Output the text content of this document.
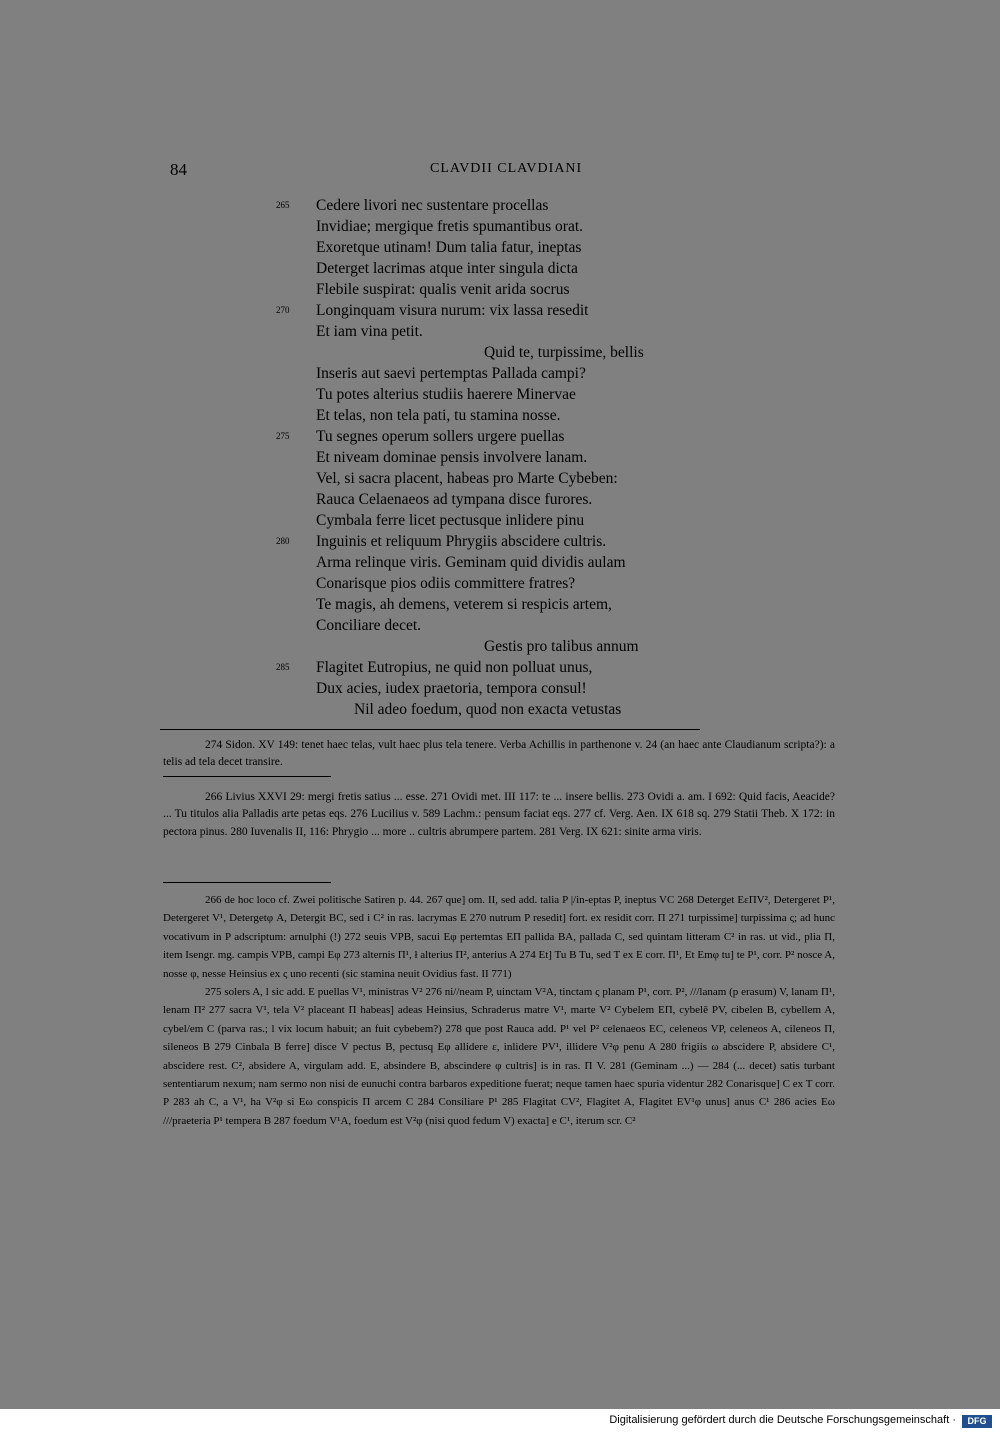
84	CLAVDII CLAVDIANI
265 Cedere livori nec sustentare procellas
Invidiae; mergique fretis spumantibus orat.
Exoretque utinam! Dum talia fatur, ineptas
Deterget lacrimas atque inter singula dicta
Flebile suspirat: qualis venit arida socrus
270 Longinquam visura nurum: vix lassa resedit
Et iam vina petit.
Quid te, turpissime, bellis
Inseris aut saevi pertemptas Pallada campi?
Tu potes alterius studiis haerere Minervae
Et telas, non tela pati, tu stamina nosse.
275 Tu segnes operum sollers urgere puellas
Et niveam dominae pensis involvere lanam.
Vel, si sacra placent, habeas pro Marte Cybeben:
Rauca Celaenaeos ad tympana disce furores.
Cymbala ferre licet pectusque inlidere pinu
280 Inguinis et reliquum Phrygiis abscidere cultris.
Arma relinque viris. Geminam quid dividis aulam
Conarisque pios odiis committere fratres?
Te magis, ah demens, veterem si respicis artem,
Conciliare decet.
Gestis pro talibus annum
285 Flagitet Eutropius, ne quid non polluat unus,
Dux acies, iudex praetoria, tempora consul!
Nil adeo foedum, quod non exacta vetustas

274 Sidon. XV 149: tenet haec telas, vult haec plus tela tenere. Verba Achillis in parthenone v. 24 (an haec ante Claudianum scripta?): a telis ad tela decet transire.

266 Livius XXVI 29: mergi fretis satius ... esse. 271 Ovidi met. III 117: te ... insere bellis. 273 Ovidi a. am. I 692: Quid facis, Aeacide? ... Tu titulos alia Palladis arte petas eqs. 276 Lucilius v. 589 Lachm.: pensum faciat eqs. 277 cf. Verg. Aen. IX 618 sq. 279 Statii Theb. X 172: in pectora pinus. 280 Iuvenalis II, 116: Phrygio ... more .. cultris abrumpere partem. 281 Verg. IX 621: sinite arma viris.

266 de hoc loco cf. Zwei politische Satiren p. 44. 267 que] om. II, sed add. talia P |/in-eptas P, ineptus VC 268 Deterget EεΠV², Detergeret P¹, Detergeret V¹, Detergetφ A, Detergit BC, sed i C² in ras. lacrymas E 270 nutrum P resedit] fort. ex residit corr. Π 271 turpissime] turpissima ς; ad hunc vocativum in P adscriptum: arnulphi (!) 272 seuis VPB, sacui Eφ pertemtas EΠ pallida BA, pallada C, sed quintam litteram C² in ras. ut vid., plia Π, item Isengr. mg. campis VPB, campi Eφ 273 alternis Π¹, ł alterius Π², anterius A 274 Et] Tu B Tu, sed T ex E corr. Π¹, Et Emφ tu] te P¹, corr. P² nosce A, nosse φ, nesse Heinsius ex ς uno recenti (sic stamina neuit Ovidius fast. II 771)

275 solers A, l sic add. E puellas V¹, ministras V² 276 ni//neam P, uinctam V²A, tinctam ς planam P¹, corr. P², ///lanam (p erasum) V, lanam Π¹, lenam Π² 277 sacra V¹, tela V² placeant Π habeas] adeas Heinsius, Schraderus matre V¹, marte V² Cybelem EΠ, cybelē PV, cibelen B, cybellem A, cybel/em C (parva ras.; l vix locum habuit; an fuit cybebem?) 278 que post Rauca add. P¹ vel P² celenaeos EC, celeneos VP, celeneos A, cileneos Π, sileneos B 279 Cinbala B ferre] disce V pectus B, pectusq Eφ allidere ε, inlidere PV¹, illidere V²φ penu A 280 frigiis ω abscidere P, absidere C¹, abscidere rest. C², absidere A, virgulam add. E, absindere B, abscindere φ cultris] is in ras. Π V. 281 (Geminam ...) — 284 (... decet) satis turbant sententiarum nexum; nam sermo non nisi de eunuchi contra barbaros expeditione fuerat; neque tamen haec spuria videntur 282 Conarisque] C ex T corr. P 283 ah C, a V¹, ha V²φ si Eω conspicis Π arcem C 284 Consiliare P¹ 285 Flagitat CV², Flagitet A, Flagitet EV¹φ unus] anus C¹ 286 acies Eω ///praeteria P¹ tempera B 287 foedum V¹A, foedum est V²φ (nisi quod fedum V) exacta] e C¹, iterum scr. C²

Digitalisierung gefördert durch die Deutsche Forschungsgemeinschaft ·	DFG
